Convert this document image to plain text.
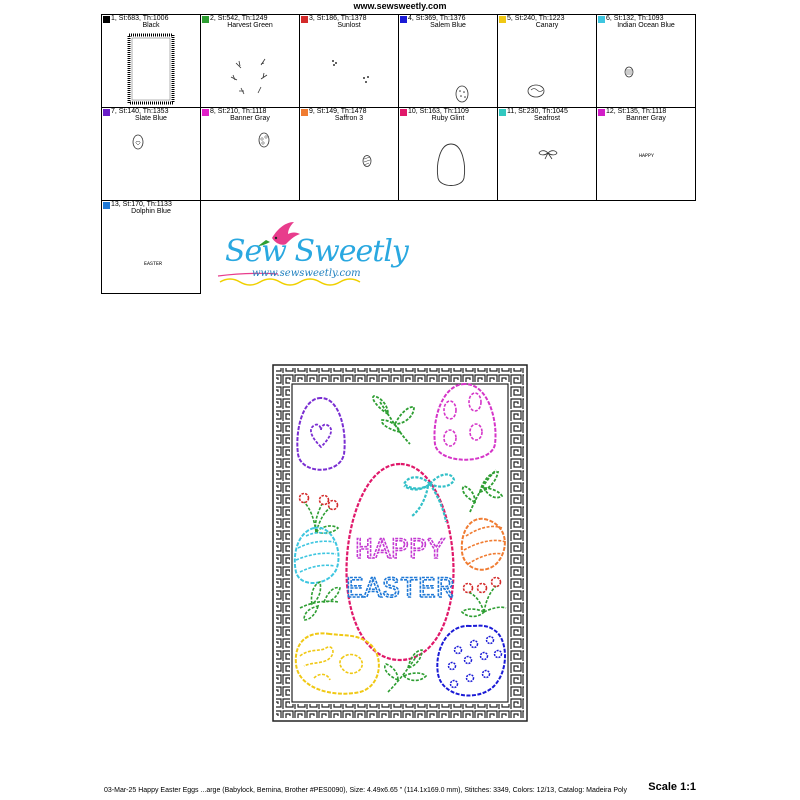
www.sewsweetly.com
1, St:683, Th:1006
Black
2, St:542, Th:1249
Harvest Green
3, St:186, Th:1378
Sunlost
4, St:369, Th:1376
Salem Blue
5, St:240, Th:1223
Canary
6, St:132, Th:1093
Indian Ocean Blue
7, St:140, Th:1353
Slate Blue
8, St:210, Th:1118
Banner Gray
9, St:149, Th:1478
Saffron 3
10, St:163, Th:1109
Ruby Glint
11, St:230, Th:1045
Seafrost
HAPPY
12, St:135, Th:1118
Banner Gray
EASTER
13, St:170, Th:1133
Dolphin Blue
Sew Sweetly
www.sewsweetly.com
HAPPY
EASTER
03-Mar-25 Happy Easter Eggs ...arge (Babylock, Bernina, Brother #PES0090), Size: 4.49x6.65 " (114.1x169.0 mm), Stitches: 3349, Colors: 12/13, Catalog: Madeira Poly Scale 1:1
